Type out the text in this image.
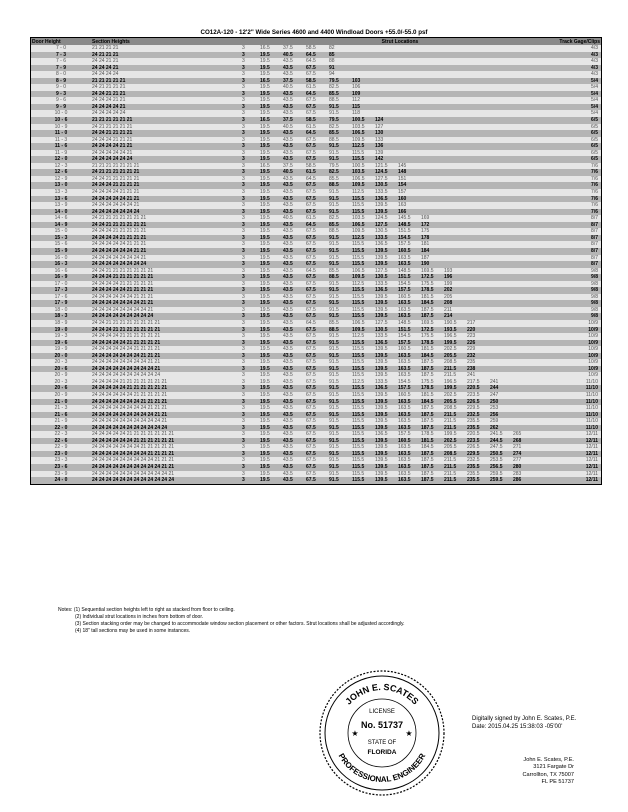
CO12A-120 - 12'2" Wide Series 4600 and 4400 Windload Doors +55.0/-55.0 psf
Door Height	Section Heights		Strut Locations	Track Gage/Clips
7 - 0	21 21 21 21	3	16.5 37.5 58.5 82	4/3
7 - 3	24 21 21 21	3	19.5 40.5 64.5 85	4/3
7 - 6	24 24 21 21	3	19.5 43.5 64.5 88	4/3
7 - 9	24 24 24 21	3	19.5 43.5 67.5 91	4/3
8 - 0	24 24 24 24	3	19.5 43.5 67.5 94	4/3
8 - 9	21 21 21 21 21	3	16.5 37.5 58.5 79.5 103	5/4
9 - 0	24 21 21 21 21	3	19.5 40.5 61.5 82.5 106	5/4
9 - 3	24 24 21 21 21	3	19.5 43.5 64.5 85.5 109	5/4
9 - 6	24 24 24 21 21	3	19.5 43.5 67.5 88.5 112	5/4
9 - 9	24 24 24 24 21	3	19.5 43.5 67.5 91.5 115	5/4
10 - 0	24 24 24 24 24	3	19.5 43.5 67.5 91.5 118	5/4
10 - 6	21 21 21 21 21 21	3	16.5 37.5 58.5 79.5 100.5 124	6/5
10 - 9	24 21 21 21 21 21	3	19.5 40.5 61.5 82.5 103.5 127	6/5
11 - 0	24 24 21 21 21 21	3	19.5 43.5 64.5 85.5 106.5 130	6/5
11 - 3	24 24 24 21 21 21	3	19.5 43.5 67.5 88.5 109.5 133	6/5
11 - 6	24 24 24 24 21 21	3	19.5 43.5 67.5 91.5 112.5 136	6/5
11 - 9	24 24 24 24 24 21	3	19.5 43.5 67.5 91.5 115.5 139	6/5
12 - 0	24 24 24 24 24 24	3	19.5 43.5 67.5 91.5 115.5 142	6/5
12 - 3	21 21 21 21 21 21 21	3	16.5 37.5 58.5 79.5 100.5 121.5 145	7/6
12 - 6	24 21 21 21 21 21 21	3	19.5 40.5 61.5 82.5 103.5 124.5 148	7/6
12 - 9	24 24 21 21 21 21 21	3	19.5 43.5 64.5 85.5 106.5 127.5 151	7/6
13 - 0	24 24 24 21 21 21 21	3	19.5 43.5 67.5 88.5 109.5 130.5 154	7/6
13 - 3	24 24 24 24 21 21 21	3	19.5 43.5 67.5 91.5 112.5 133.5 157	7/6
13 - 6	24 24 24 24 24 21 21	3	19.5 43.5 67.5 91.5 115.5 136.5 160	7/6
13 - 9	24 24 24 24 24 24 21	3	19.5 43.5 67.5 91.5 115.5 139.5 163	7/6
14 - 0	24 24 24 24 24 24 24	3	19.5 43.5 67.5 91.5 115.5 139.5 166	7/6
14 - 6	24 21 21 21 21 21 21 21	3	19.5 40.5 61.5 82.5 103.5 124.5 145.5 169	8/7
14 - 9	24 24 21 21 21 21 21 21	3	19.5 43.5 64.5 85.5 106.5 127.5 148.5 172	8/7
15 - 0	24 24 24 21 21 21 21 21	3	19.5 43.5 67.5 88.5 109.5 130.5 151.5 175	8/7
15 - 3	24 24 24 24 21 21 21 21	3	19.5 43.5 67.5 91.5 112.5 133.5 154.5 178	8/7
15 - 6	24 24 24 24 24 21 21 21	3	19.5 43.5 67.5 91.5 115.5 136.5 157.5 181	8/7
15 - 9	24 24 24 24 24 24 21 21	3	19.5 43.5 67.5 91.5 115.5 139.5 160.5 184	8/7
16 - 0	24 24 24 24 24 24 24 21	3	19.5 43.5 67.5 91.5 115.5 139.5 163.5 187	8/7
16 - 3	24 24 24 24 24 24 24 24	3	19.5 43.5 67.5 91.5 115.5 139.5 163.5 190	8/7
16 - 6	24 24 21 21 21 21 21 21 21	3	19.5 43.5 64.5 85.5 106.5 127.5 148.5 169.5 193	9/8
16 - 9	24 24 24 21 21 21 21 21 21	3	19.5 43.5 67.5 88.5 109.5 130.5 151.5 172.5 196	9/8
17 - 0	24 24 24 24 21 21 21 21 21	3	19.5 43.5 67.5 91.5 112.5 133.5 154.5 175.5 199	9/8
17 - 3	24 24 24 24 24 21 21 21 21	3	19.5 43.5 67.5 91.5 115.5 136.5 157.5 178.5 202	9/8
17 - 6	24 24 24 24 24 24 21 21 21	3	19.5 43.5 67.5 91.5 115.5 139.5 160.5 181.5 205	9/8
17 - 9	24 24 24 24 24 24 24 21 21	3	19.5 43.5 67.5 91.5 115.5 139.5 163.5 184.5 208	9/8
18 - 0	24 24 24 24 24 24 24 24 21	3	19.5 43.5 67.5 91.5 115.5 139.5 163.5 187.5 211	9/8
18 - 3	24 24 24 24 24 24 24 24 24	3	19.5 43.5 67.5 91.5 115.5 139.5 163.5 187.5 214	9/8
18 - 9	24 24 21 21 21 21 21 21 21 21	3	19.5 43.5 64.5 85.5 106.5 127.5 148.5 169.5 190.5 217	10/9
19 - 0	24 24 24 21 21 21 21 21 21 21	3	19.5 43.5 67.5 88.5 109.5 130.5 151.5 172.5 193.5 220	10/9
19 - 3	24 24 24 24 21 21 21 21 21 21	3	19.5 43.5 67.5 91.5 112.5 133.5 154.5 175.5 196.5 223	10/9
19 - 6	24 24 24 24 24 21 21 21 21 21	3	19.5 43.5 67.5 91.5 115.5 136.5 157.5 178.5 199.5 226	10/9
19 - 9	24 24 24 24 24 24 21 21 21 21	3	19.5 43.5 67.5 91.5 115.5 139.5 160.5 181.5 202.5 229	10/9
20 - 0	24 24 24 24 24 24 24 21 21 21	3	19.5 43.5 67.5 91.5 115.5 139.5 163.5 184.5 205.5 232	10/9
20 - 3	24 24 24 24 24 24 24 24 21 21	3	19.5 43.5 67.5 91.5 115.5 139.5 163.5 187.5 208.5 235	10/9
20 - 6	24 24 24 24 24 24 24 24 24 21	3	19.5 43.5 67.5 91.5 115.5 139.5 163.5 187.5 211.5 238	10/9
20 - 9	24 24 24 24 24 24 24 24 24 24	3	19.5 43.5 67.5 91.5 115.5 139.5 163.5 187.5 211.5 241	10/9
20 - 3	24 24 24 24 21 21 21 21 21 21 21	3	19.5 43.5 67.5 91.5 112.5 133.5 154.5 175.5 196.5 217.5 241	11/10
20 - 6	24 24 24 24 24 21 21 21 21 21 21	3	19.5 43.5 67.5 91.5 115.5 136.5 157.5 178.5 199.5 220.5 244	11/10
20 - 9	24 24 24 24 24 24 21 21 21 21 21	3	19.5 43.5 67.5 91.5 115.5 139.5 160.5 181.5 202.5 223.5 247	11/10
21 - 0	24 24 24 24 24 24 24 21 21 21 21	3	19.5 43.5 67.5 91.5 115.5 139.5 163.5 184.5 205.5 226.5 250	11/10
21 - 3	24 24 24 24 24 24 24 24 21 21 21	3	19.5 43.5 67.5 91.5 115.5 139.5 163.5 187.5 208.5 229.5 253	11/10
21 - 6	24 24 24 24 24 24 24 24 24 21 21	3	19.5 43.5 67.5 91.5 115.5 139.5 163.5 187.5 211.5 232.5 256	11/10
21 - 9	24 24 24 24 24 24 24 24 24 24 21	3	19.5 43.5 67.5 91.5 115.5 139.5 163.5 187.5 211.5 235.5 259	11/10
22 - 0	24 24 24 24 24 24 24 24 24 24 24	3	19.5 43.5 67.5 91.5 115.5 139.5 163.5 187.5 211.5 235.5 262	11/10
22 - 3	24 24 24 24 24 21 21 21 21 21 21 21	3	19.5 43.5 67.5 91.5 115.5 136.5 157.5 178.5 199.5 220.5 241.5 265	12/11
22 - 6	24 24 24 24 24 24 21 21 21 21 21 21	3	19.5 43.5 67.5 91.5 115.5 139.5 160.5 181.5 202.5 223.5 244.5 268	12/11
22 - 9	24 24 24 24 24 24 24 21 21 21 21 21	3	19.5 43.5 67.5 91.5 115.5 139.5 163.5 184.5 205.5 226.5 247.5 271	12/11
23 - 0	24 24 24 24 24 24 24 24 21 21 21 21	3	19.5 43.5 67.5 91.5 115.5 139.5 163.5 187.5 208.5 229.5 250.5 274	12/11
23 - 3	24 24 24 24 24 24 24 24 24 21 21 21	3	19.5 43.5 67.5 91.5 115.5 139.5 163.5 187.5 211.5 232.5 253.5 277	12/11
23 - 6	24 24 24 24 24 24 24 24 24 24 21 21	3	19.5 43.5 67.5 91.5 115.5 139.5 163.5 187.5 211.5 235.5 256.5 280	12/11
23 - 9	24 24 24 24 24 24 24 24 24 24 24 21	3	19.5 43.5 67.5 91.5 115.5 139.5 163.5 187.5 211.5 235.5 259.5 283	12/11
24 - 0	24 24 24 24 24 24 24 24 24 24 24 24	3	19.5 43.5 67.5 91.5 115.5 139.5 163.5 187.5 211.5 235.5 259.5 286	12/11
Notes: (1) Sequential section heights left to right as stacked from floor to ceiling.
(2) Individual strut locations in inches from bottom of door.
(3) Section stacking order may be changed to accommodate window section placement or other factors. Strut locations shall be adjusted accordingly.
(4) 18" tall sections may be used in some instances.
JOHN E. SCATES
PROFESSIONAL ENGINEER
LICENSE
No. 51737
STATE OF
FLORIDA
★	★
Digitally signed by John E. Scates, P.E.
Date: 2015.04.25 15:38:03 -05'00'
John E. Scates, P.E.
3121 Fargate Dr
Carrollton, TX 75007
FL PE 51737
